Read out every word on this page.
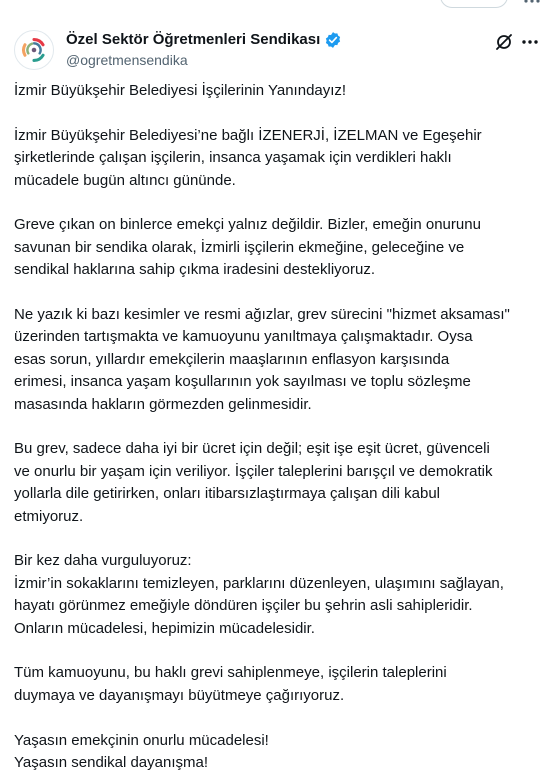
Özel Sektör Öğretmenleri Sendikası
@ogretmensendika

İzmir Büyükşehir Belediyesi İşçilerinin Yanındayız!

İzmir Büyükşehir Belediyesi’ne bağlı İZENERJİ, İZELMAN ve Egeşehir
şirketlerinde çalışan işçilerin, insanca yaşamak için verdikleri haklı
mücadele bugün altıncı gününde.

Greve çıkan on binlerce emekçi yalnız değildir. Bizler, emeğin onurunu
savunan bir sendika olarak, İzmirli işçilerin ekmeğine, geleceğine ve
sendikal haklarına sahip çıkma iradesini destekliyoruz.

Ne yazık ki bazı kesimler ve resmi ağızlar, grev sürecini "hizmet aksaması"
üzerinden tartışmakta ve kamuoyunu yanıltmaya çalışmaktadır. Oysa
esas sorun, yıllardır emekçilerin maaşlarının enflasyon karşısında
erimesi, insanca yaşam koşullarının yok sayılması ve toplu sözleşme
masasında hakların görmezden gelinmesidir.

Bu grev, sadece daha iyi bir ücret için değil; eşit işe eşit ücret, güvenceli
ve onurlu bir yaşam için veriliyor. İşçiler taleplerini barışçıl ve demokratik
yollarla dile getirirken, onları itibarsızlaştırmaya çalışan dili kabul
etmiyoruz.

Bir kez daha vurguluyoruz:
İzmir’in sokaklarını temizleyen, parklarını düzenleyen, ulaşımını sağlayan,
hayatı görünmez emeğiyle döndüren işçiler bu şehrin asli sahipleridir.
Onların mücadelesi, hepimizin mücadelesidir.

Tüm kamuoyunu, bu haklı grevi sahiplenmeye, işçilerin taleplerini
duymaya ve dayanışmayı büyütmeye çağırıyoruz.

Yaşasın emekçinin onurlu mücadelesi!
Yaşasın sendikal dayanışma!
